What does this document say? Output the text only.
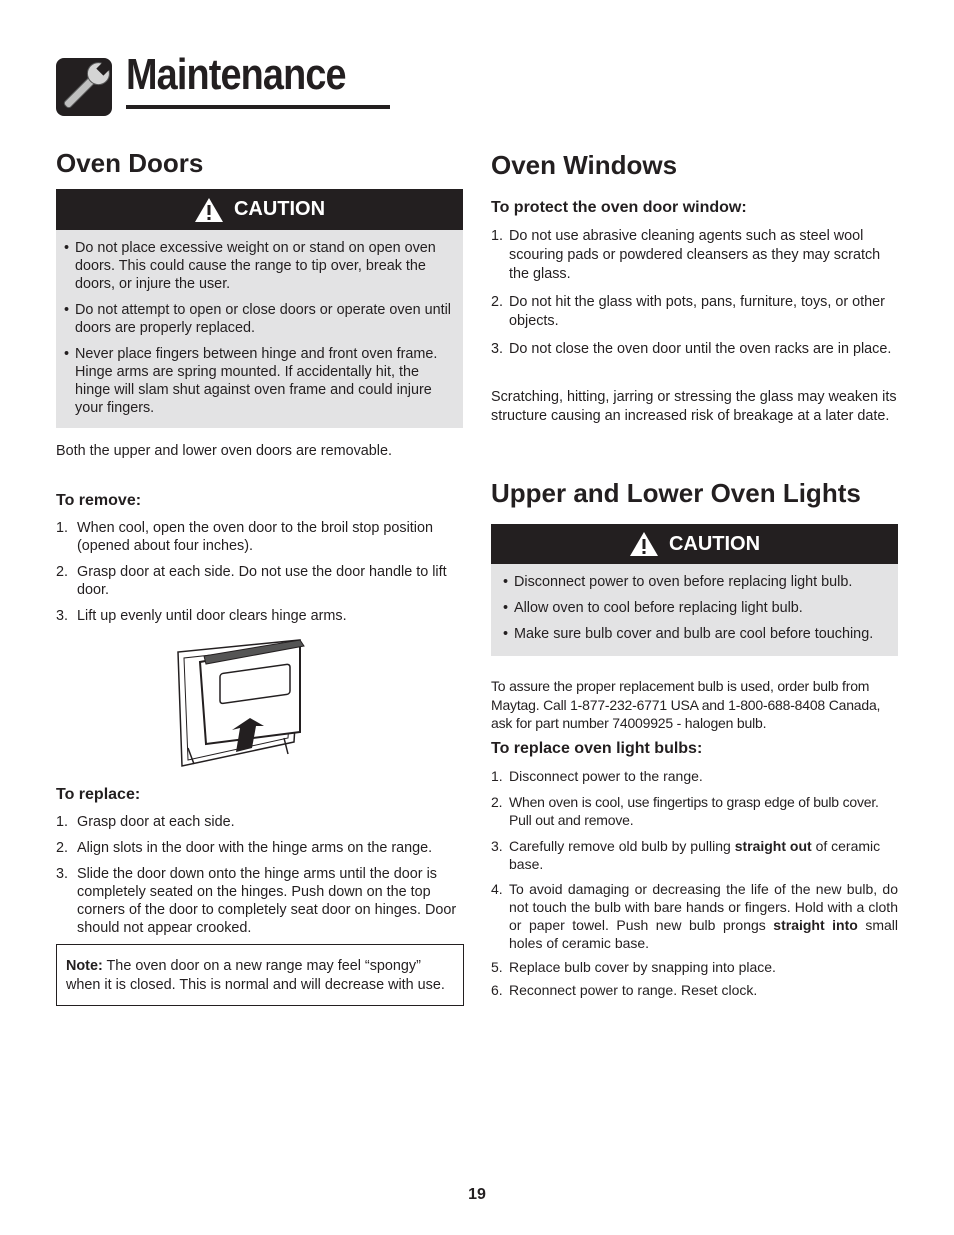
Maintenance
Oven Doors
CAUTION
• Do not place excessive weight on or stand on open oven doors. This could cause the range to tip over, break the doors, or injure the user.
• Do not attempt to open or close doors or operate oven until doors are properly replaced.
• Never place fingers between hinge and front oven frame. Hinge arms are spring mounted. If accidentally hit, the hinge will slam shut against oven frame and could injure your fingers.

Both the upper and lower oven doors are removable.

To remove:
1. When cool, open the oven door to the broil stop position (opened about four inches).
2. Grasp door at each side. Do not use the door handle to lift door.
3. Lift up evenly until door clears hinge arms.
To replace:
1. Grasp door at each side.
2. Align slots in the door with the hinge arms on the range.
3. Slide the door down onto the hinge arms until the door is completely seated on the hinges. Push down on the top corners of the door to completely seat door on hinges. Door should not appear crooked.
Note: The oven door on a new range may feel “spongy” when it is closed. This is normal and will decrease with use.
Oven Windows
To protect the oven door window:
1. Do not use abrasive cleaning agents such as steel wool scouring pads or powdered cleansers as they may scratch the glass.
2. Do not hit the glass with pots, pans, furniture, toys, or other objects.
3. Do not close the oven door until the oven racks are in place.

Scratching, hitting, jarring or stressing the glass may weaken its structure causing an increased risk of breakage at a later date.

Upper and Lower Oven Lights
CAUTION
• Disconnect power to oven before replacing light bulb.
• Allow oven to cool before replacing light bulb.
• Make sure bulb cover and bulb are cool before touching.

To assure the proper replacement bulb is used, order bulb from Maytag. Call 1-877-232-6771 USA and 1-800-688-8408 Canada, ask for part number 74009925 - halogen bulb.

To replace oven light bulbs:
1. Disconnect power to the range.
2. When oven is cool, use fingertips to grasp edge of bulb cover. Pull out and remove.
3. Carefully remove old bulb by pulling straight out of ceramic base.
4. To avoid damaging or decreasing the life of the new bulb, do not touch the bulb with bare hands or fingers. Hold with a cloth or paper towel. Push new bulb prongs straight into small holes of ceramic base.
5. Replace bulb cover by snapping into place.
6. Reconnect power to range. Reset clock.
19
